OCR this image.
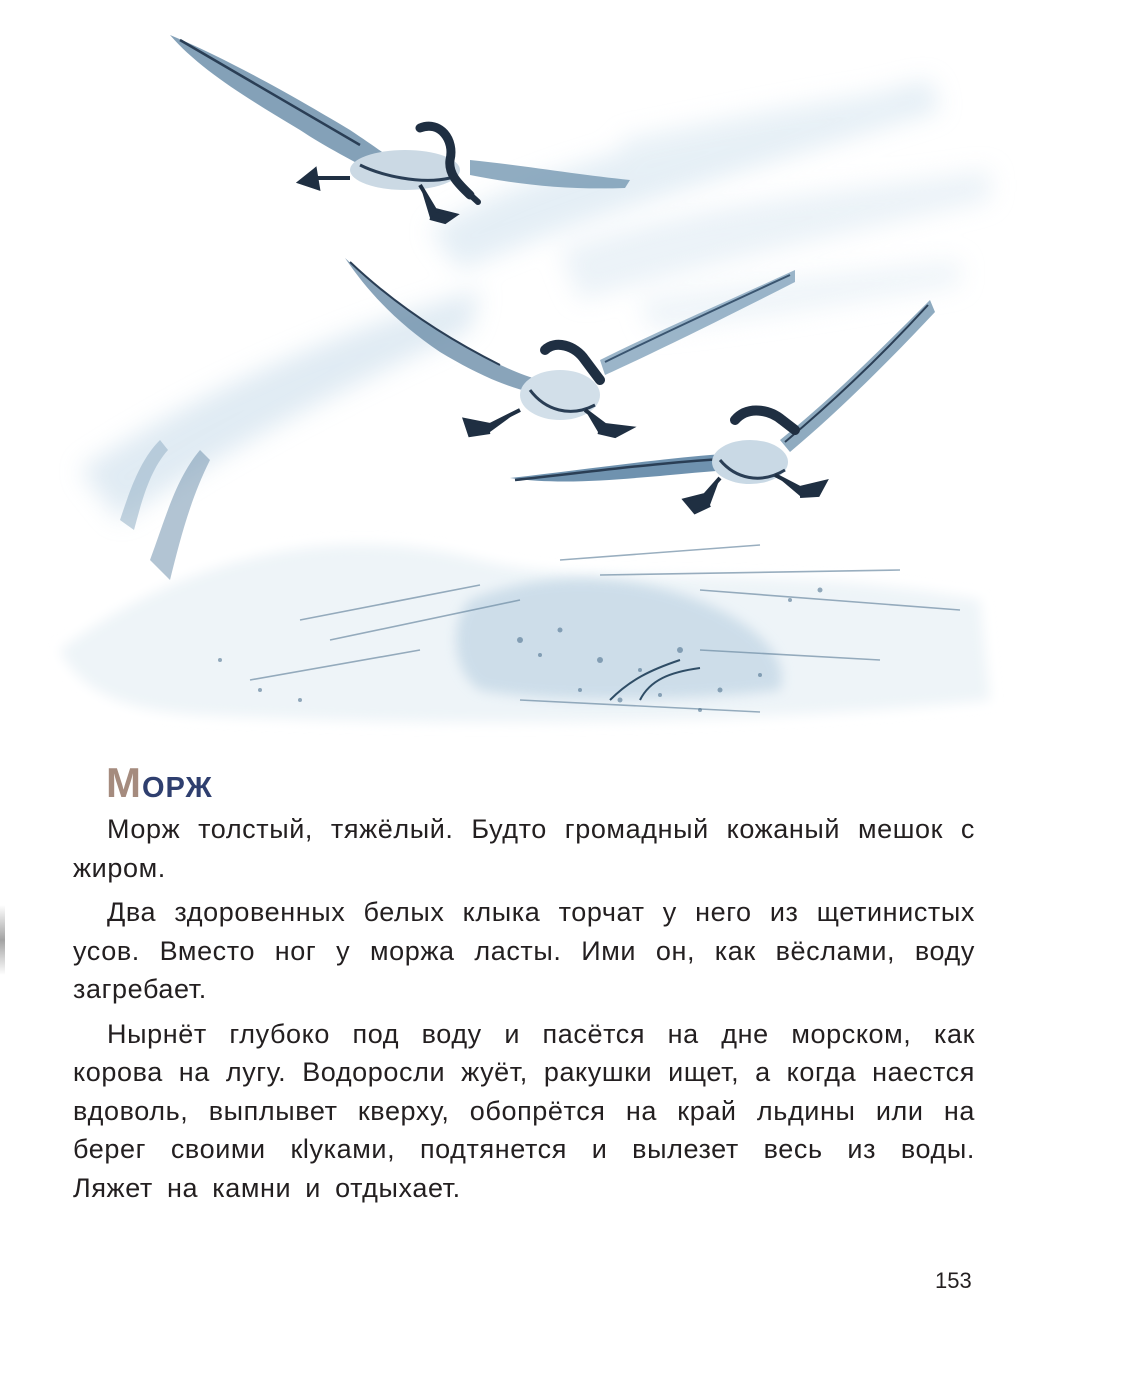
МОРЖ

Морж толстый, тяжёлый. Будто громадный кожаный мешок с жиром.

Два здоровенных белых клыка торчат у него из щетинистых усов. Вместо ног у моржа ласты. Ими он, как вёслами, воду загребает.

Нырнёт глубоко под воду и пасётся на дне морском, как корова на лугу. Водоросли жуёт, ракушки ищет, а когда наестся вдоволь, выплывет кверху, обопрётся на край льдины или на берег своими кlyками, подтянется и вылезет весь из воды. Ляжет на камни и отдыхает.

153
